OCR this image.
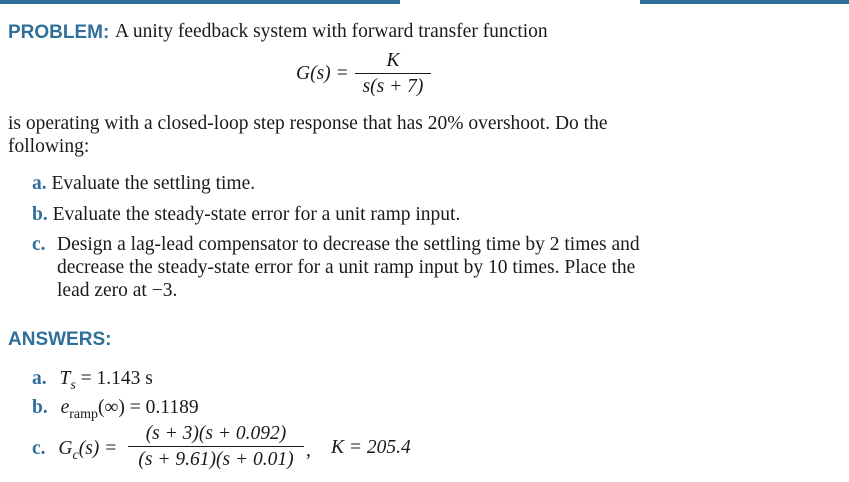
PROBLEM: A unity feedback system with forward transfer function
G(s) =
K
s(s + 7)
is operating with a closed-loop step response that has 20% overshoot. Do the
following:
a. Evaluate the settling time.
b. Evaluate the steady-state error for a unit ramp input.
c. Design a lag-lead compensator to decrease the settling time by 2 times and
decrease the steady-state error for a unit ramp input by 10 times. Place the
lead zero at −3.
ANSWERS:
a. $T_s = 1.143$ s
b. $e_{ramp}(\infty) = 0.1189$
c. $G_c(s)$ =
(s + 3)(s + 0.092)
(s + 9.61)(s + 0.01) , K = 205.4
